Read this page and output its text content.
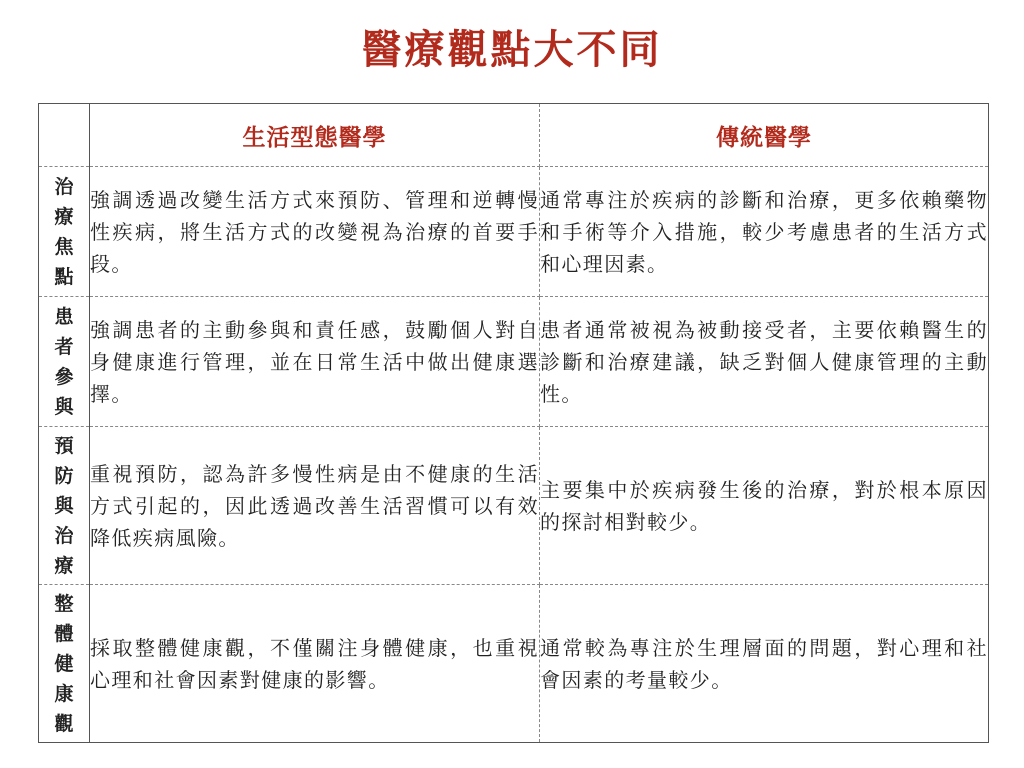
醫療觀點大不同
	生活型態醫學	傳統醫學
治療焦點	強調透過改變生活方式來預防、管理和逆轉慢性疾病，將生活方式的改變視為治療的首要手段。	通常專注於疾病的診斷和治療，更多依賴藥物和手術等介入措施，較少考慮患者的生活方式和心理因素。
患者參與	強調患者的主動參與和責任感，鼓勵個人對自身健康進行管理，並在日常生活中做出健康選擇。	患者通常被視為被動接受者，主要依賴醫生的診斷和治療建議，缺乏對個人健康管理的主動性。
預防與治療	重視預防，認為許多慢性病是由不健康的生活方式引起的，因此透過改善生活習慣可以有效降低疾病風險。	主要集中於疾病發生後的治療，對於根本原因的探討相對較少。
整體健康觀	採取整體健康觀，不僅關注身體健康，也重視心理和社會因素對健康的影響。	通常較為專注於生理層面的問題，對心理和社會因素的考量較少。
